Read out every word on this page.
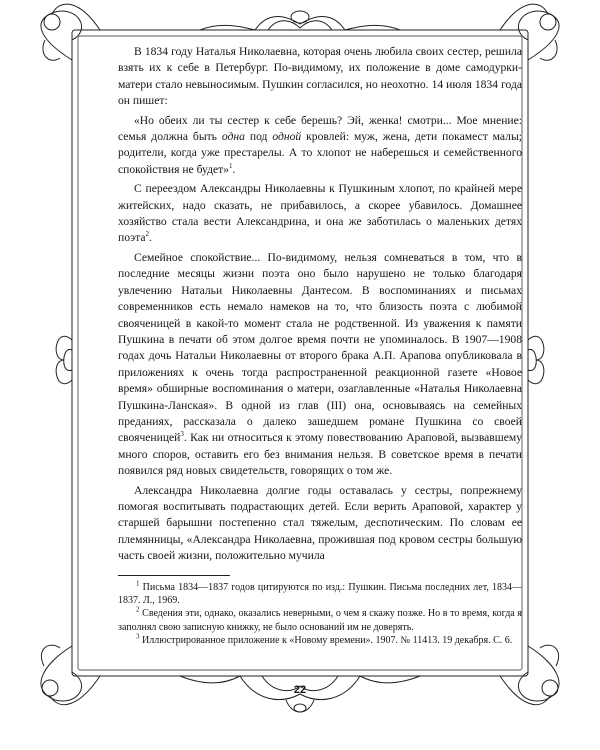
В 1834 году Наталья Николаевна, которая очень любила своих сестер, решила взять их к себе в Петербург. По-видимому, их положение в доме самодурки-матери стало невыносимым. Пушкин согласился, но неохотно. 14 июля 1834 года он пишет:

«Но обеих ли ты сестер к себе берешь? Эй, женка! смотри... Мое мнение: семья должна быть одна под одной кровлей: муж, жена, дети покамест малы; родители, когда уже престарелы. А то хлопот не наберешься и семейственного спокойствия не будет»$^1$.

С переездом Александры Николаевны к Пушкиным хлопот, по крайней мере житейских, надо сказать, не прибавилось, а скорее убавилось. Домашнее хозяйство стала вести Александрина, и она же заботилась о маленьких детях поэта$^2$.

Семейное спокойствие... По-видимому, нельзя сомневаться в том, что в последние месяцы жизни поэта оно было нарушено не только благодаря увлечению Натальи Николаевны Дантесом. В воспоминаниях и письмах современников есть немало намеков на то, что близость поэта с любимой свояченицей в какой-то момент стала не родственной. Из уважения к памяти Пушкина в печати об этом долгое время почти не упоминалось. В 1907—1908 годах дочь Натальи Николаевны от второго брака А.П. Арапова опубликовала в приложениях к очень тогда распространенной реакционной газете «Новое время» обширные воспоминания о матери, озаглавленные «Наталья Николаевна Пушкина-Ланская». В одной из глав (III) она, основываясь на семейных преданиях, рассказала о далеко зашедшем романе Пушкина со своей свояченицей$^3$. Как ни относиться к этому повествованию Араповой, вызвавшему много споров, оставить его без внимания нельзя. В советское время в печати появился ряд новых свидетельств, говорящих о том же.

Александра Николаевна долгие годы оставалась у сестры, попрежнему помогая воспитывать подрастающих детей. Если верить Араповой, характер у старшей барышни постепенно стал тяжелым, деспотическим. По словам ее племянницы, «Александра Николаевна, прожившая под кровом сестры большую часть своей жизни, положительно мучила

$^1$ Письма 1834—1837 годов цитируются по изд.: Пушкин. Письма последних лет, 1834—1837. Л., 1969.

$^2$ Сведения эти, однако, оказались неверными, о чем я скажу позже. Но в то время, когда я заполнял свою записную книжку, не было оснований им не доверять.

$^3$ Иллюстрированное приложение к «Новому времени». 1907. № 11413. 19 декабря. С. 6.

22
